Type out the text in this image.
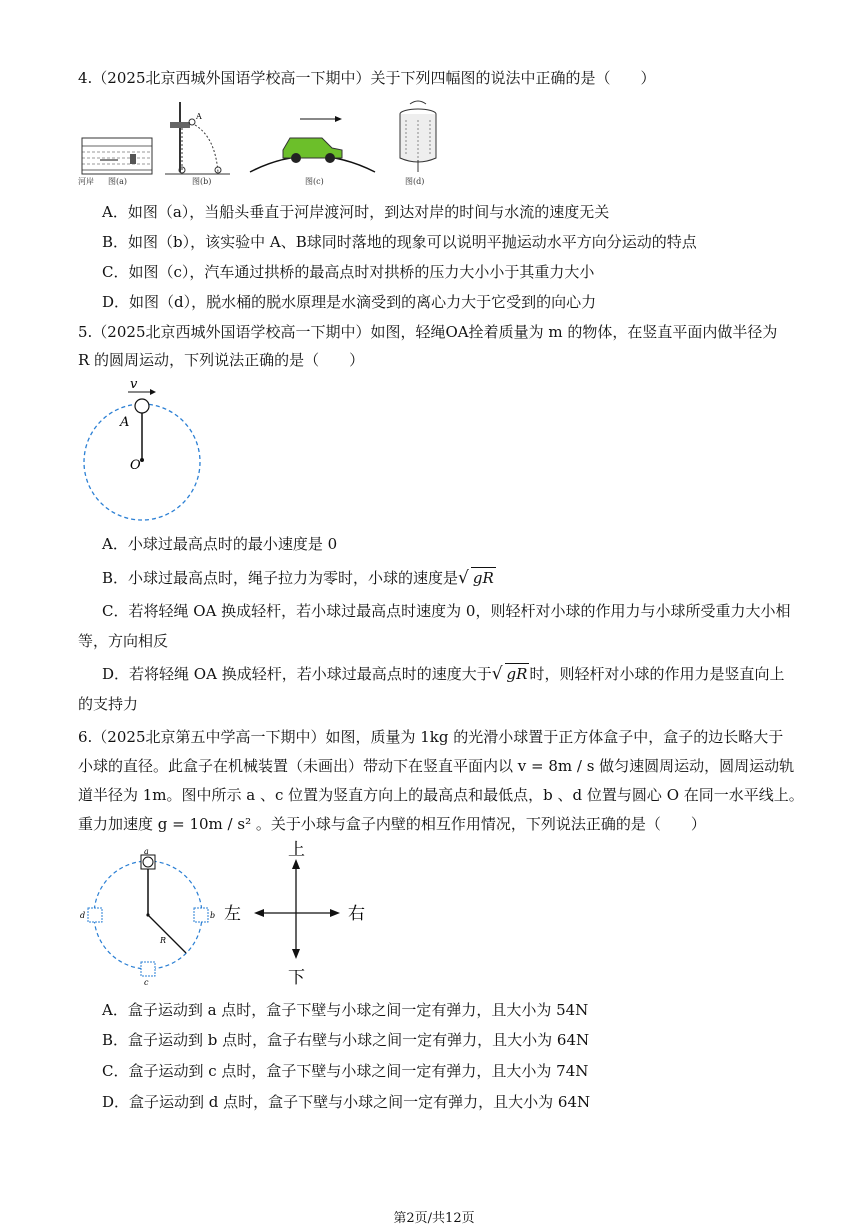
4.（2025北京西城外国语学校高一下期中）关于下列四幅图的说法中正确的是（　　）
河岸 图(a)
A
图(b)	图(c)	图(d)
A．如图（a），当船头垂直于河岸渡河时，到达对岸的时间与水流的速度无关
B．如图（b），该实验中 A、B球同时落地的现象可以说明平抛运动水平方向分运动的特点
C．如图（c），汽车通过拱桥的最高点时对拱桥的压力大小小于其重力大小
D．如图（d），脱水桶的脱水原理是水滴受到的离心力大于它受到的向心力
5.（2025北京西城外国语学校高一下期中）如图，轻绳OA拴着质量为 m 的物体，在竖直平面内做半径为
R 的圆周运动，下列说法正确的是（　　）
v
A
O
A．小球过最高点时的最小速度是 0
B．小球过最高点时，绳子拉力为零时，小球的速度是√ gR
C．若将轻绳 OA 换成轻杆，若小球过最高点时速度为 0，则轻杆对小球的作用力与小球所受重力大小相
等，方向相反
D．若将轻绳 OA 换成轻杆，若小球过最高点时的速度大于√ gR 时，则轻杆对小球的作用力是竖直向上
的支持力
6.（2025北京第五中学高一下期中）如图，质量为 1kg 的光滑小球置于正方体盒子中，盒子的边长略大于
小球的直径。此盒子在机械装置（未画出）带动下在竖直平面内以 v = 8m / s 做匀速圆周运动，圆周运动轨
道半径为 1m。图中所示 a 、c 位置为竖直方向上的最高点和最低点，b 、d 位置与圆心 O 在同一水平线上。
重力加速度 g = 10m / s² 。关于小球与盒子内壁的相互作用情况，下列说法正确的是（　　）
a
d	b
c
R
上
下
左	右
A．盒子运动到 a 点时，盒子下壁与小球之间一定有弹力，且大小为 54N
B．盒子运动到 b 点时，盒子右壁与小球之间一定有弹力，且大小为 64N
C．盒子运动到 c 点时，盒子下壁与小球之间一定有弹力，且大小为 74N
D．盒子运动到 d 点时，盒子下壁与小球之间一定有弹力，且大小为 64N
第2页/共12页
